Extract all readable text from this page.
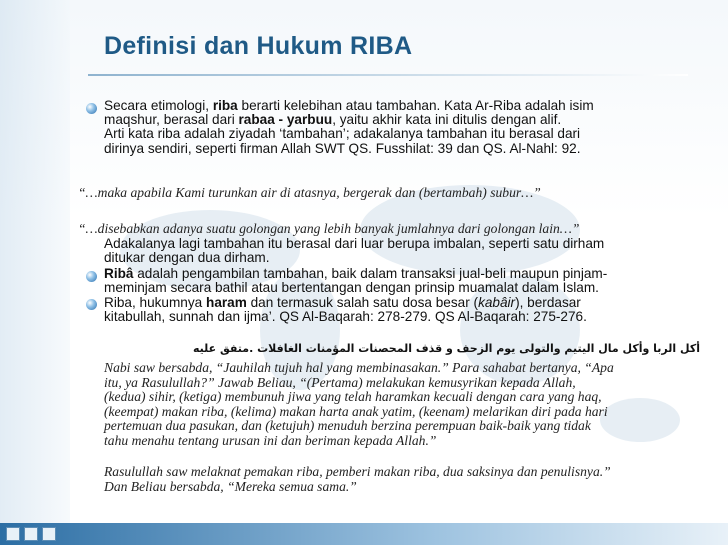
Definisi dan Hukum RIBA
Secara etimologi, riba berarti kelebihan atau tambahan. Kata Ar-Riba adalah isim
maqshur, berasal dari rabaa - yarbuu, yaitu akhir kata ini ditulis dengan alif.
Arti kata riba adalah ziyadah ‘tambahan’; adakalanya tambahan itu berasal dari
dirinya sendiri, seperti firman Allah SWT QS. Fusshilat: 39 dan QS. Al-Nahl: 92.
“…maka apabila Kami turunkan air di atasnya, bergerak dan (bertambah) subur…”
“…disebabkan adanya suatu golongan yang lebih banyak jumlahnya dari golongan lain…”
Adakalanya lagi tambahan itu berasal dari luar berupa imbalan, seperti satu dirham
ditukar dengan dua dirham.
Ribâ adalah pengambilan tambahan, baik dalam transaksi jual-beli maupun pinjam-
meminjam secara bathil atau bertentangan dengan prinsip muamalat dalam Islam.
Riba, hukumnya haram dan termasuk salah satu dosa besar (kabâir), berdasar
kitabullah, sunnah dan ijma’. QS Al-Baqarah: 278-279. QS Al-Baqarah: 275-276.
أكل الربا وأكل مال اليتيم والتولى يوم الزحف و قذف المحصنات المؤمنات الغافلات .متفق عليه
Nabi saw bersabda, “Jauhilah tujuh hal yang membinasakan.” Para sahabat bertanya, “Apa
itu, ya Rasulullah?” Jawab Beliau, “(Pertama) melakukan kemusyrikan kepada Allah,
(kedua) sihir, (ketiga) membunuh jiwa yang telah haramkan kecuali dengan cara yang haq,
(keempat) makan riba, (kelima) makan harta anak yatim, (keenam) melarikan diri pada hari
pertemuan dua pasukan, dan (ketujuh) menuduh berzina perempuan baik-baik yang tidak
tahu menahu tentang urusan ini dan beriman kepada Allah.”
Rasulullah saw melaknat pemakan riba, pemberi makan riba, dua saksinya dan penulisnya.”
Dan Beliau bersabda, “Mereka semua sama.”
